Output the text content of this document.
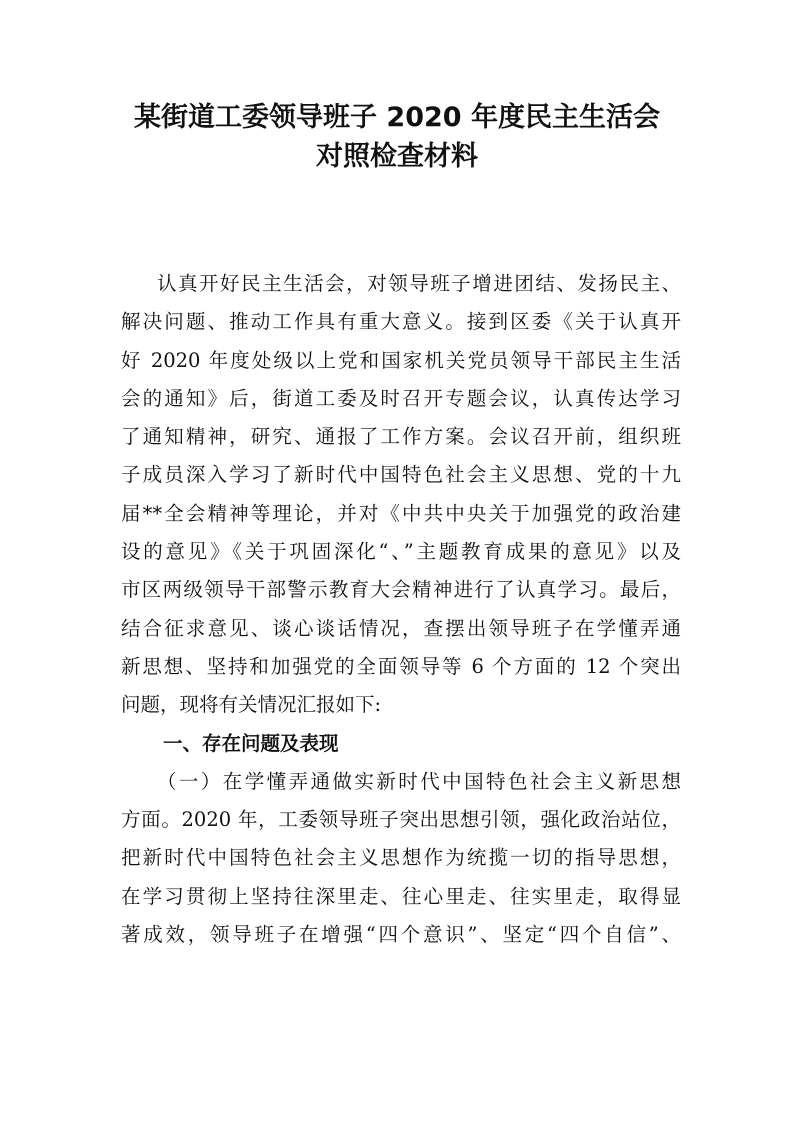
某街道工委领导班子 2020 年度民主生活会
对照检查材料
认真开好民主生活会，对领导班子增进团结、发扬民主、
解决问题、推动工作具有重大意义。接到区委《关于认真开
好 2020 年度处级以上党和国家机关党员领导干部民主生活
会的通知》后，街道工委及时召开专题会议，认真传达学习
了通知精神，研究、通报了工作方案。会议召开前，组织班
子成员深入学习了新时代中国特色社会主义思想、党的十九
届**全会精神等理论，并对《中共中央关于加强党的政治建
设的意见》《关于巩固深化“、”主题教育成果的意见》以及
市区两级领导干部警示教育大会精神进行了认真学习。最后，
结合征求意见、谈心谈话情况，查摆出领导班子在学懂弄通
新思想、坚持和加强党的全面领导等 6 个方面的 12 个突出
问题，现将有关情况汇报如下:
一、存在问题及表现
（一）在学懂弄通做实新时代中国特色社会主义新思想
方面。2020 年，工委领导班子突出思想引领，强化政治站位，
把新时代中国特色社会主义思想作为统揽一切的指导思想，
在学习贯彻上坚持往深里走、往心里走、往实里走，取得显
著成效，领导班子在增强“四个意识”、坚定“四个自信”、
